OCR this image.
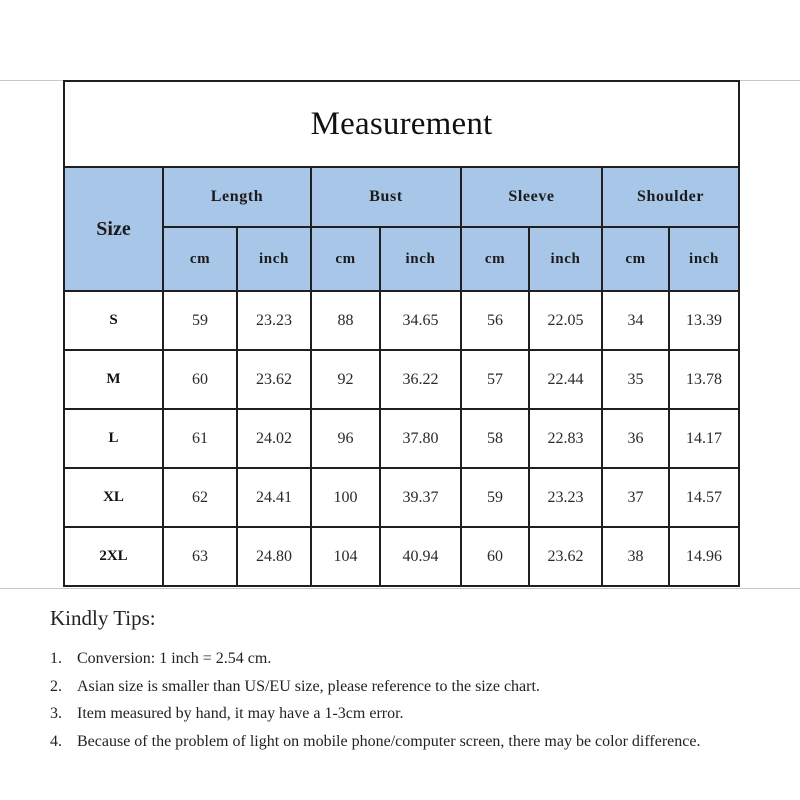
Measurement								
Size	Length		Bust		Sleeve		Shoulder	
	cm	inch	cm	inch	cm	inch	cm	inch
S	59	23.23	88	34.65	56	22.05	34	13.39
M	60	23.62	92	36.22	57	22.44	35	13.78
L	61	24.02	96	37.80	58	22.83	36	14.17
XL	62	24.41	100	39.37	59	23.23	37	14.57
2XL	63	24.80	104	40.94	60	23.62	38	14.96
Kindly Tips:
1. Conversion: 1 inch = 2.54 cm.
2. Asian size is smaller than US/EU size, please reference to the size chart.
3. Item measured by hand, it may have a 1-3cm error.
4. Because of the problem of light on mobile phone/computer screen, there may be color difference.
